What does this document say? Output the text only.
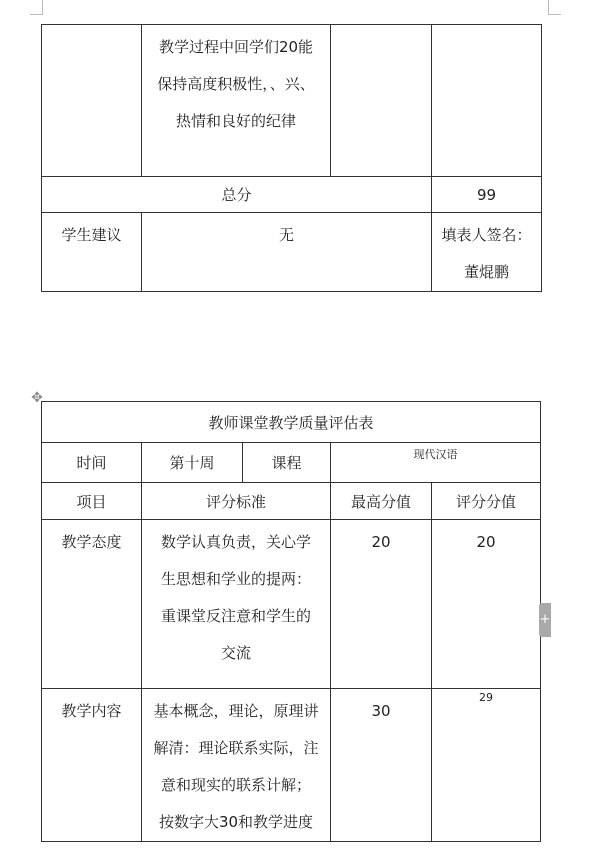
	教学过程中回学们20能
保持高度积极性，、兴、
热情和良好的纪律		

总分			99
学生建议	无		填表人签名：
董焜鹏
✥
教师课堂教学质量评估表				
时间	第十周	课程	现代汉语	
项目	评分标准		最高分值	评分分值
教学态度	数学认真负责，关心学
生思想和学业的提两：
重课堂反注意和学生的
交流		20	20
教学内容	基本概念，理论，原理讲
解清：理论联系实际，注
意和现实的联系计解；
按数字大30和教学进度		30	29
+
